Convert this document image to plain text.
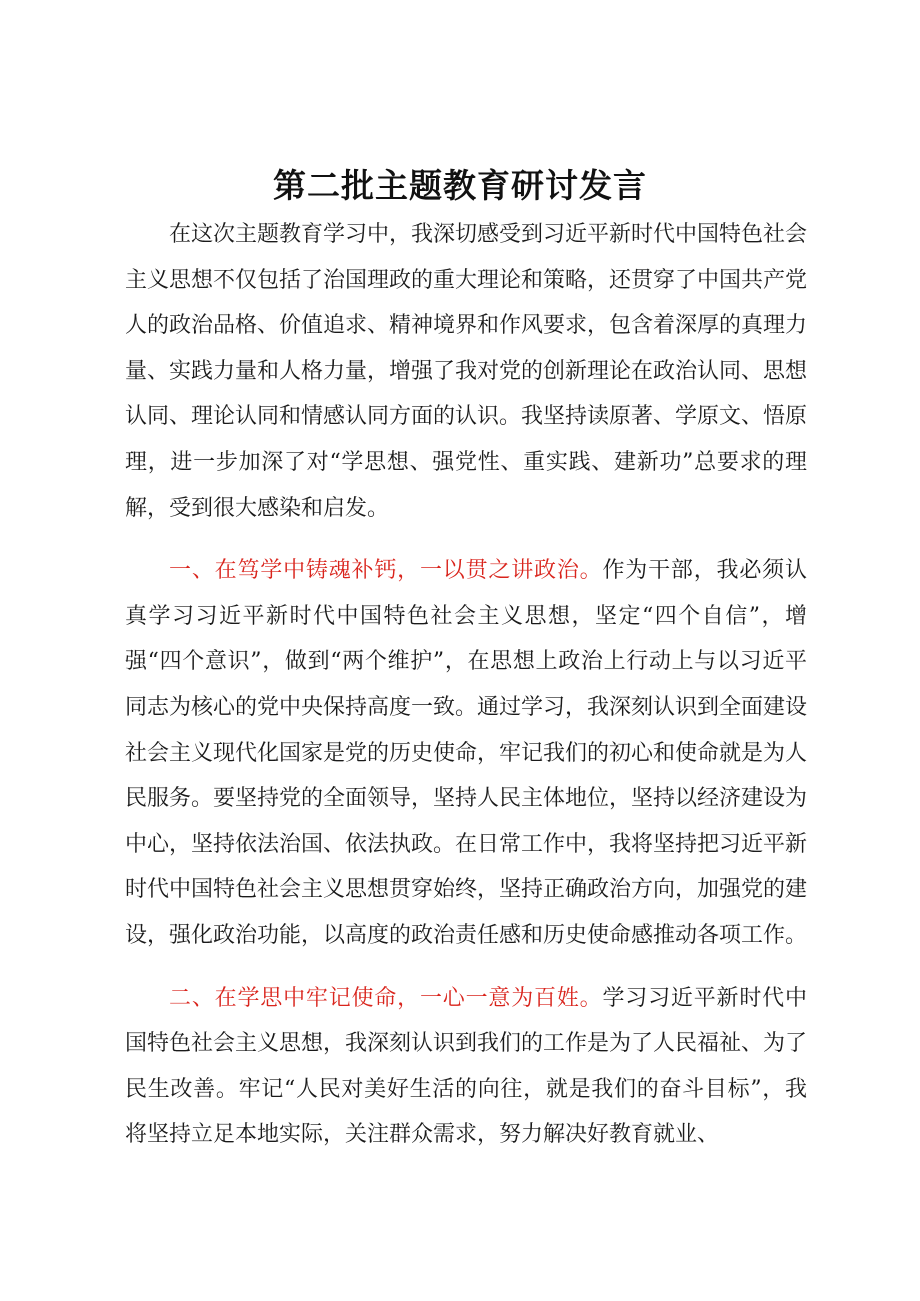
第二批主题教育研讨发言

在这次主题教育学习中，我深切感受到习近平新时代中国特色社会主义思想不仅包括了治国理政的重大理论和策略，还贯穿了中国共产党人的政治品格、价值追求、精神境界和作风要求，包含着深厚的真理力量、实践力量和人格力量，增强了我对党的创新理论在政治认同、思想认同、理论认同和情感认同方面的认识。我坚持读原著、学原文、悟原理，进一步加深了对“学思想、强党性、重实践、建新功”总要求的理解，受到很大感染和启发。

一、在笃学中铸魂补钙，一以贯之讲政治。作为干部，我必须认真学习习近平新时代中国特色社会主义思想，坚定“四个自信”，增强“四个意识”，做到“两个维护”，在思想上政治上行动上与以习近平同志为核心的党中央保持高度一致。通过学习，我深刻认识到全面建设社会主义现代化国家是党的历史使命，牢记我们的初心和使命就是为人民服务。要坚持党的全面领导，坚持人民主体地位，坚持以经济建设为中心，坚持依法治国、依法执政。在日常工作中，我将坚持把习近平新时代中国特色社会主义思想贯穿始终，坚持正确政治方向，加强党的建设，强化政治功能，以高度的政治责任感和历史使命感推动各项工作。

二、在学思中牢记使命，一心一意为百姓。学习习近平新时代中国特色社会主义思想，我深刻认识到我们的工作是为了人民福祉、为了民生改善。牢记“人民对美好生活的向往，就是我们的奋斗目标”，我将坚持立足本地实际，关注群众需求，努力解决好教育就业、
